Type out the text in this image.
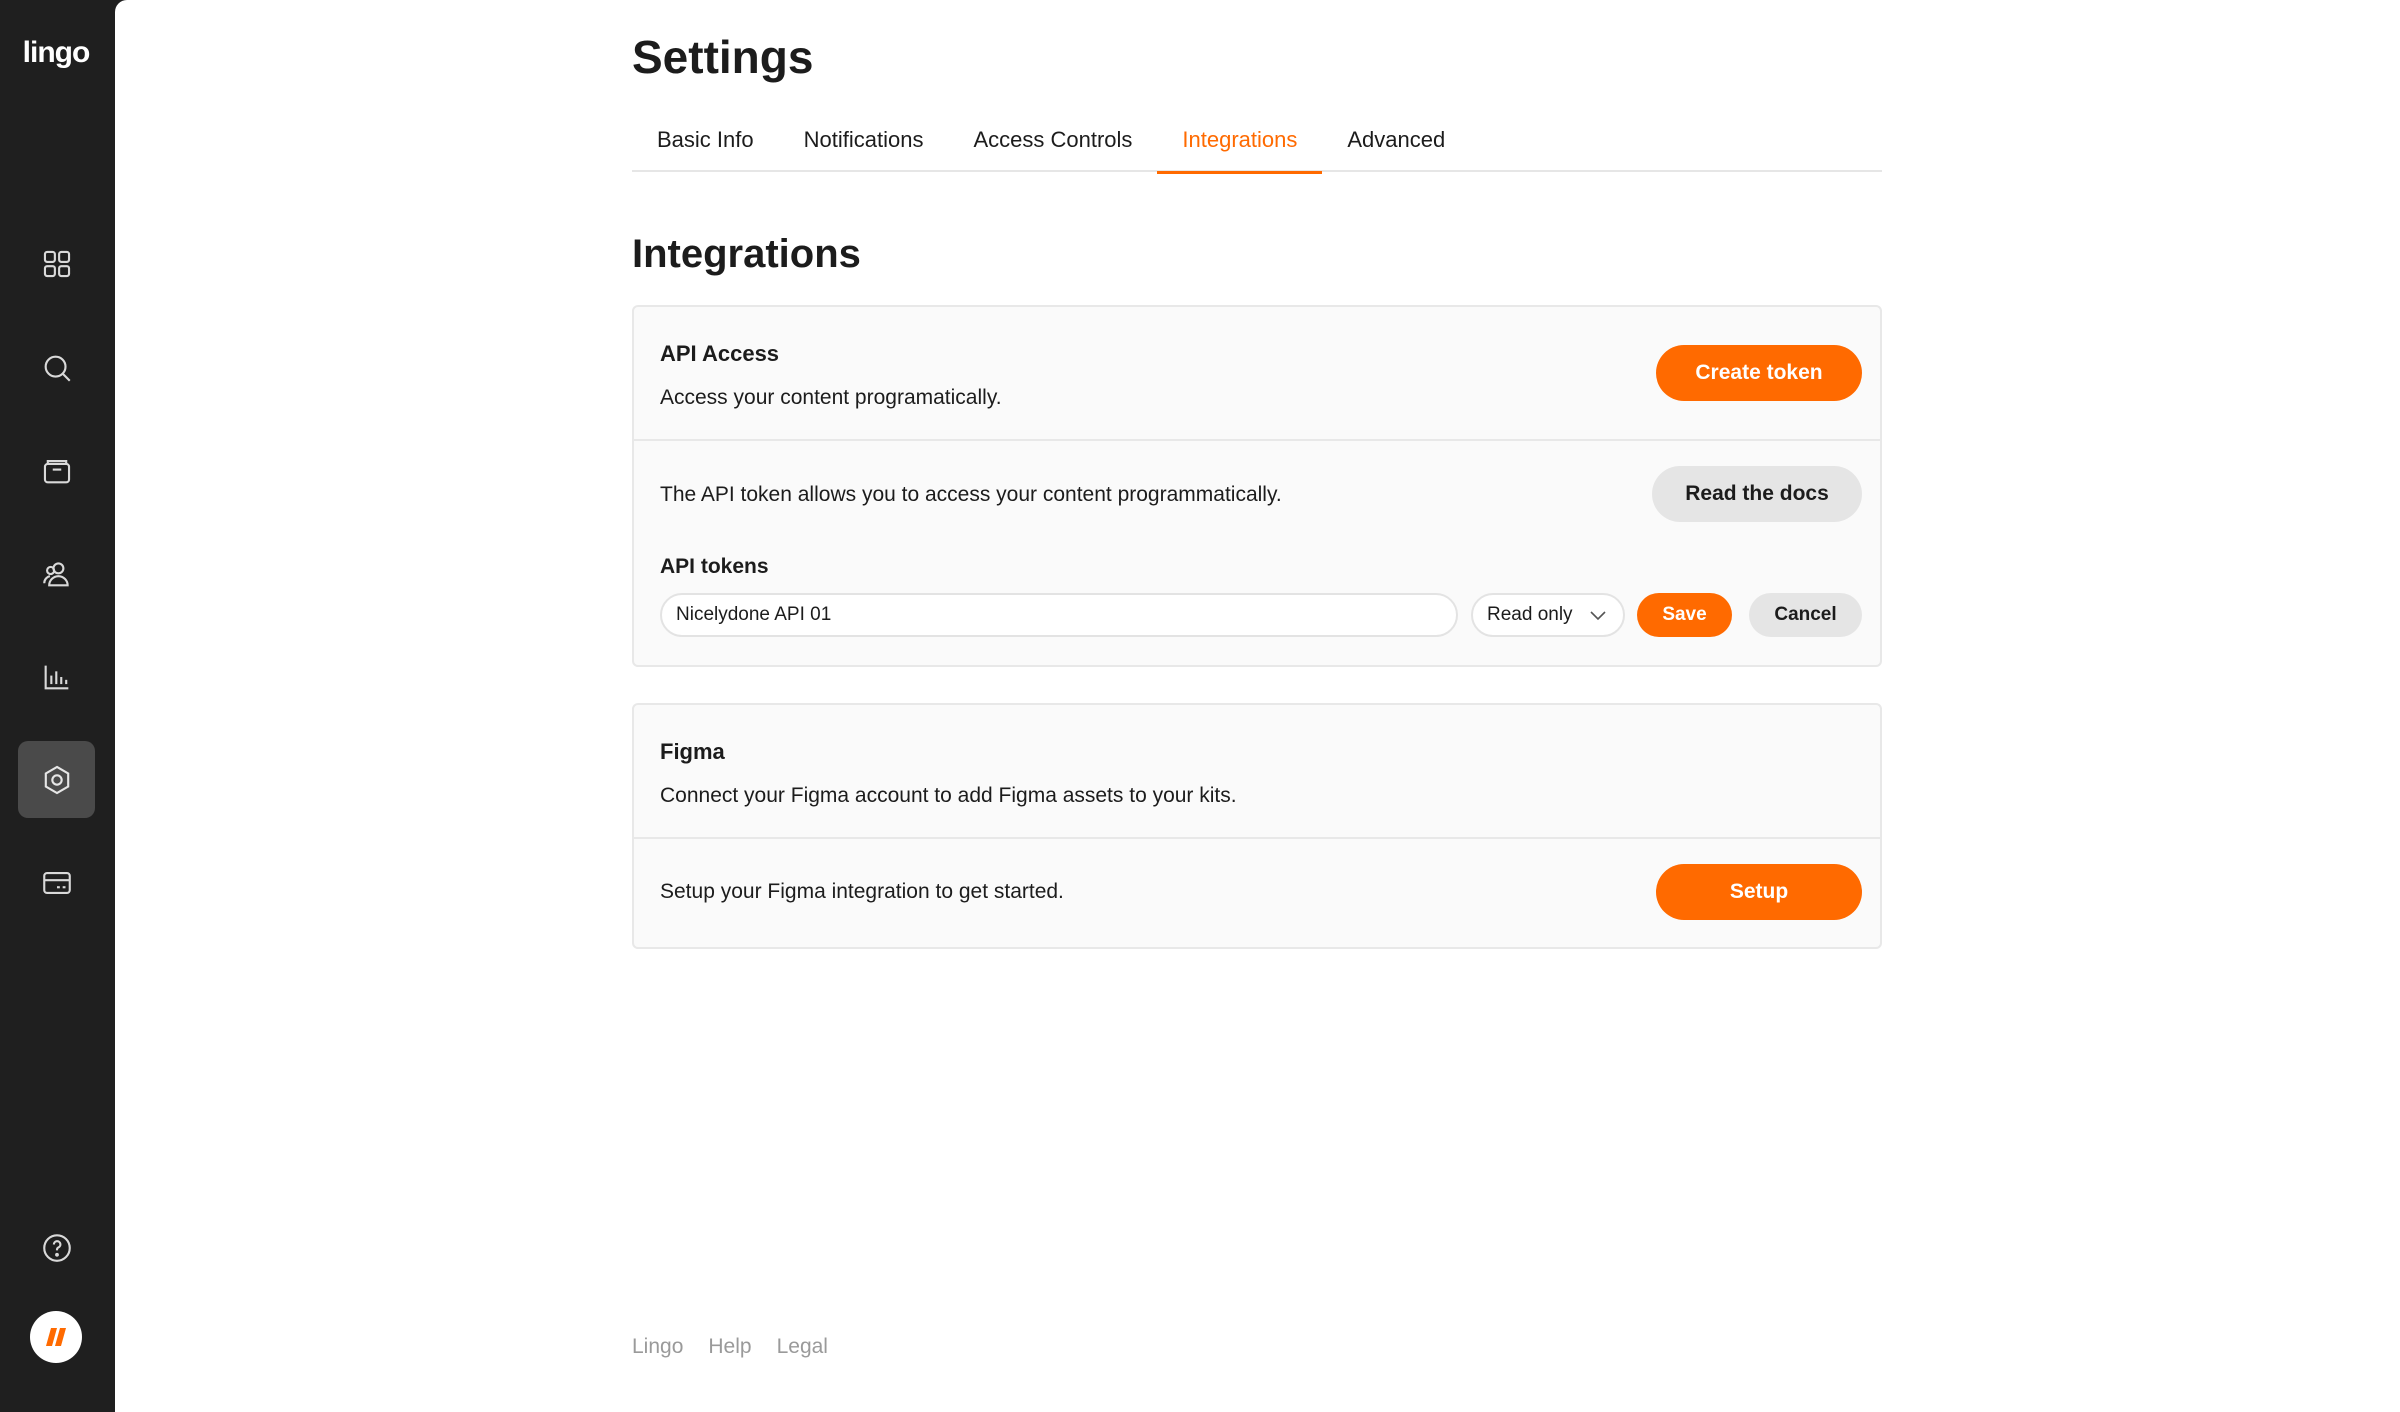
lingo	Settings
Basic Info	Notifications	Access Controls	Integrations	Advanced
Integrations
API Access
Access your content programatically.
Create token
The API token allows you to access your content programmatically.	Read the docs
API tokens
Nicelydone API 01
Read only	Save	Cancel
Figma
Connect your Figma account to add Figma assets to your kits.
Setup your Figma integration to get started.	Setup
Lingo Help Legal
